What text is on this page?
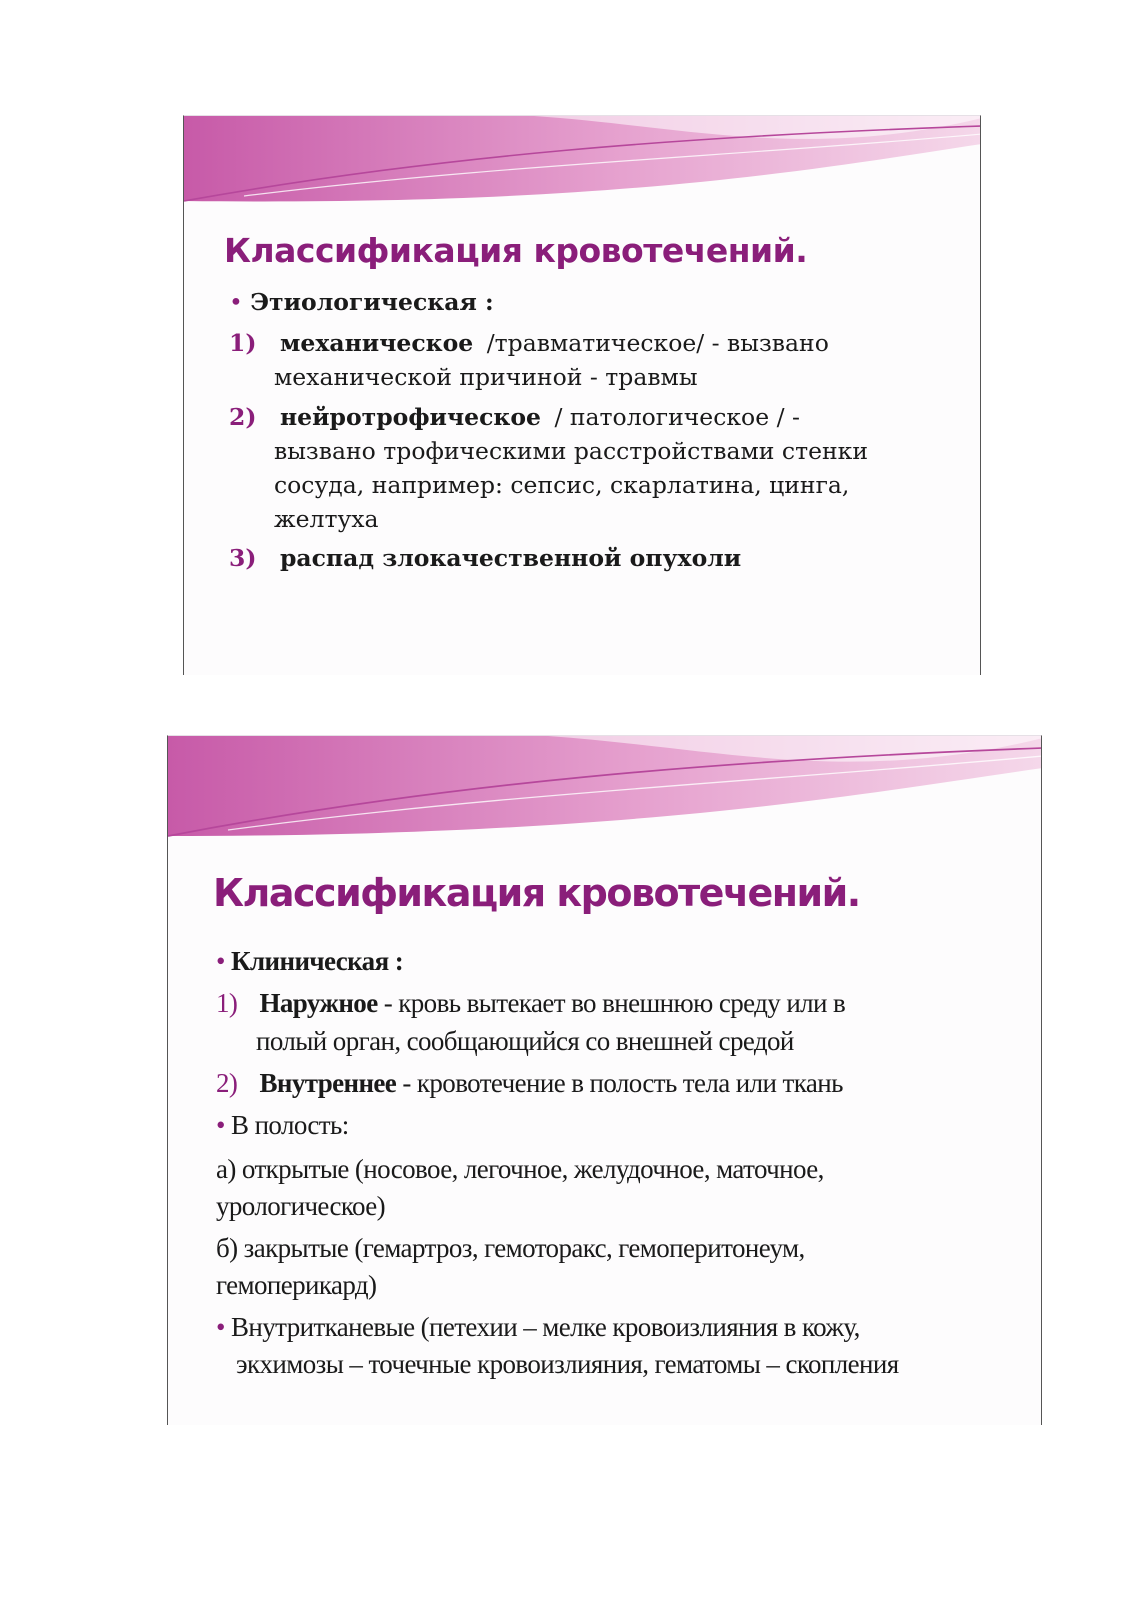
Классификация кровотечений.
• Этиологическая :
1) механическое /травматическое/ - вызвано
механической причиной - травмы
2) нейротрофическое / патологическое / -
вызвано трофическими расстройствами стенки
сосуда, например: сепсис, скарлатина, цинга,
желтуха
3) распад злокачественной опухоли
Классификация кровотечений.
• Клиническая :
1) Наружное - кровь вытекает во внешнюю среду или в
полый орган, сообщающийся со внешней средой
2) Внутреннее - кровотечение в полость тела или ткань
• В полость:
а) открытые (носовое, легочное, желудочное, маточное,
урологическое)
б) закрытые (гемартроз, гемоторакс, гемоперитонеум,
гемоперикард)
• Внутритканевые (петехии – мелке кровоизлияния в кожу,
экхимозы – точечные кровоизлияния, гематомы – скопления
